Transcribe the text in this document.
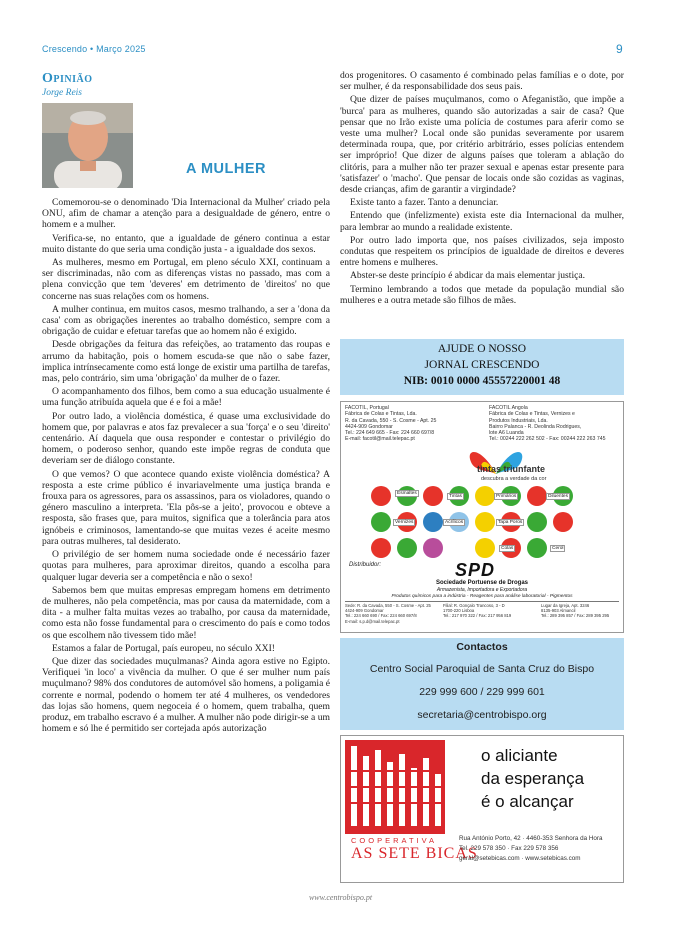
Crescendo • Março 2025	9
Opinião
Jorge Reis
A MULHER

Comemorou-se o denominado 'Dia Internacional da Mulher' criado pela ONU, afim de chamar a atenção para a desigualdade de género, entre o homem e a mulher.

Verifica-se, no entanto, que a igualdade de género continua a estar muito distante do que seria uma condição justa - a igualdade dos sexos.

As mulheres, mesmo em Portugal, em pleno século XXI, continuam a ser discriminadas, não com as diferenças vistas no passado, mas com a plena convicção que tem 'deveres' em detrimento de 'direitos' no que concerne nas suas relações com os homens.

A mulher continua, em muitos casos, mesmo tralhando, a ser a 'dona da casa' com as obrigações inerentes ao trabalho doméstico, sempre com a obrigação de cuidar e efetuar tarefas que ao homem não é exigido.

Desde obrigações da feitura das refeições, ao tratamento das roupas e arrumo da habitação, pois o homem escuda-se que não o sabe fazer, implica intrínsecamente como está longe de existir uma partilha de tarefas, mas, pelo contrário, sim uma 'obrigação' da mulher de o fazer.

O acompanhamento dos filhos, bem como a sua educação usualmente é uma função atribuída aquela que é e foi a mãe!

Por outro lado, a violência doméstica, é quase uma exclusividade do homem que, por palavras e atos faz prevalecer a sua 'força' e o seu 'direito' centenário. Aí daquela que ousa responder e contestar o privilégio do homem, o poderoso senhor, quando este impõe regras de conduta que deveriam ser de diálogo constante.

O que vemos? O que acontece quando existe violência doméstica? A resposta a este crime público é invariavelmente uma justiça branda e frouxa para os agressores, para os assassinos, para os violadores, quando o género masculino a interpreta. 'Ela pôs-se a jeito', provocou e obteve a resposta, são frases que, para muitos, significa que a tolerância para atos ignóbeis e criminosos, lamentando-se que muitas vezes é aceite mesmo para outras mulheres, tal desiderato.

O privilégio de ser homem numa sociedade onde é necessário fazer quotas para mulheres, para aproximar direitos, quando a escolha para qualquer lugar deveria ser a competência e não o sexo!

Sabemos bem que muitas empresas empregam homens em detrimento de mulheres, não pela competência, mas por causa da maternidade, com a dita - a mulher falta muitas vezes ao trabalho, por causa da maternidade, como esta não fosse fundamental para o crescimento do país e como todos os que escolhem não tivessem tido mãe!

Estamos a falar de Portugal, país europeu, no século XXI!

Que dizer das sociedades muçulmanas? Ainda agora estive no Egipto. Verifiquei 'in loco' a vivência da mulher. O que é ser mulher num país muçulmano? 98% dos condutores de automóvel são homens, a poligamia é corrente e normal, podendo o homem ter até 4 mulheres, os vendedores das lojas são homens, quem negoceia é o homem, quem trabalha, quem produz, em trabalho escravo é a mulher. A mulher não pode dirigir-se a um homem e só lhe é permitido ser cortejada após autorização

dos progenitores. O casamento é combinado pelas famílias e o dote, por ser mulher, é da responsabilidade dos seus pais.

Que dizer de países muçulmanos, como o Afeganistão, que impõe a 'burca' para as mulheres, quando são autorizadas a sair de casa? Que pensar que no Irão existe uma polícia de costumes para aferir como se veste uma mulher? Local onde são punidas severamente por usarem determinada roupa, que, por critério arbitrário, esses polícias entendem ser impróprio! Que dizer de alguns países que toleram a ablação do clitóris, para a mulher não ter prazer sexual e apenas estar presente para 'satisfazer' o 'macho'. Que pensar de locais onde são cozidas as vaginas, desde crianças, afim de garantir a virgindade?

Existe tanto a fazer. Tanto a denunciar.

Entendo que (infelizmente) exista este dia Internacional da mulher, para lembrar ao mundo a realidade existente.

Por outro lado importa que, nos países civilizados, seja imposto condutas que respeitem os princípios de igualdade de direitos e deveres entre homens e mulheres.

Abster-se deste princípio é abdicar da mais elementar justiça.

Termino lembrando a todos que metade da população mundial são mulheres e a outra metade são filhos de mães.

AJUDE O NOSSO
JORNAL CRESCENDO
NIB: 0010 0000 45557220001 48
FACOTIL, Portugal
Fábrica de Colas e Tintas, Lda.
R. da Cavada, 550 - S. Cosme - Apt. 25
4424-909 Gondomar
Tel.: 224 649 665 - Fax: 224 660 697/8
E-mail: facotil@mail.telepac.pt
FACOTIL Angola
Fábrica de Colas e Tintas, Vernizes e
Produtos Industriais, Lda.
Bairro Palanca - R. Deolinda Rodrigues,
lote A6 Luanda
Tel.: 00244 222 262 502 - Fax: 00244 222 263 745
tintas triunfante
descubra a verdade da cor
Esmaltes
Tintas	Primários	Diluentes
Vernizes	Acrílicos	Tapa Poros
Colas	Cerol
Distribuidor:	SPD
Sociedade Portuense de Drogas
Armazenista, Importadora e Exportadora
Produtos químicos para a indústria - Reagentes para análise laboratorial - Pigmentos
Sede: R. da Cavada, 550 - S. Cosme - Apt. 25
4424-909 Gondomar
Tel.: 224 660 690 / Fax: 224 660 697/8
E-mail: s.p.d@mail.telepac.pt
Filial: R. Gonçalo Trancoso, 3 - D
1700-220 Lisboa
Tel.: 217 970 322 / Fax: 217 956 819
Lugar da Igreja, Apt. 3246
8135-903 Almancil
Tel.: 289 395 857 / Fax: 289 395 295
Contactos
Centro Social Paroquial de Santa Cruz do Bispo
229 999 600 / 229 999 601
secretaria@centrobispo.org
o aliciante
da esperança
é o alcançar
COOPERATIVA
AS SETE BICAS
Rua António Porto, 42 · 4460-353 Senhora da Hora
Tel. 229 578 350 · Fax 229 578 356
geral@setebicas.com · www.setebicas.com
www.centrobispo.pt
